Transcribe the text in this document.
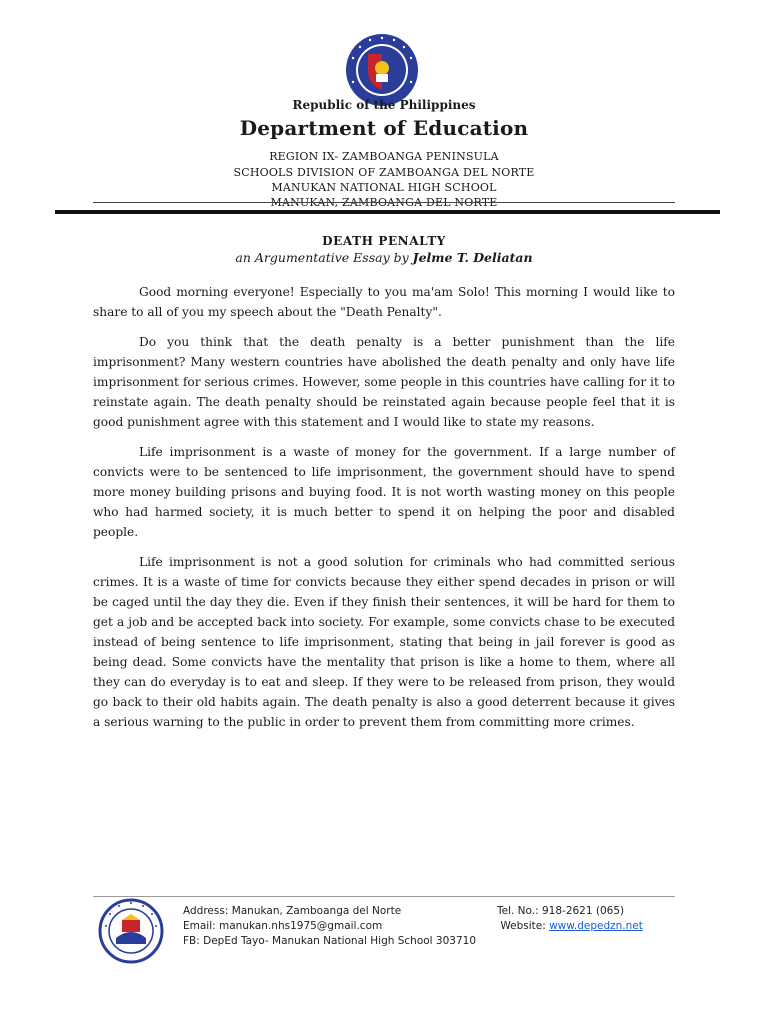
Republic of the Philippines
Department of Education
REGION IX- ZAMBOANGA PENINSULA
SCHOOLS DIVISION OF ZAMBOANGA DEL NORTE
MANUKAN NATIONAL HIGH SCHOOL
MANUKAN, ZAMBOANGA DEL NORTE
DEATH PENALTY
an Argumentative Essay by Jelme T. Deliatan

Good morning everyone! Especially to you ma'am Solo! This morning I would like to share to all of you my speech about the "Death Penalty".

Do you think that the death penalty is a better punishment than the life imprisonment? Many western countries have abolished the death penalty and only have life imprisonment for serious crimes. However, some people in this countries have calling for it to reinstate again. The death penalty should be reinstated again because people feel that it is good punishment agree with this statement and I would like to state my reasons.

Life imprisonment is a waste of money for the government. If a large number of convicts were to be sentenced to life imprisonment, the government should have to spend more money building prisons and buying food. It is not worth wasting money on this people who had harmed society, it is much better to spend it on helping the poor and disabled people.

Life imprisonment is not a good solution for criminals who had committed serious crimes. It is a waste of time for convicts because they either spend decades in prison or will be caged until the day they die. Even if they finish their sentences, it will be hard for them to get a job and be accepted back into society. For example, some convicts chase to be executed instead of being sentence to life imprisonment, stating that being in jail forever is good as being dead. Some convicts have the mentality that prison is like a home to them, where all they can do everyday is to eat and sleep. If they were to be released from prison, they would go back to their old habits again. The death penalty is also a good deterrent because it gives a serious warning to the public in order to prevent them from committing more crimes.

Address: Manukan, Zamboanga del Norte
Email: manukan.nhs1975@gmail.com
FB: DepEd Tayo- Manukan National High School 303710
Tel. No.: 918-2621 (065)
Website: www.depedzn.net
